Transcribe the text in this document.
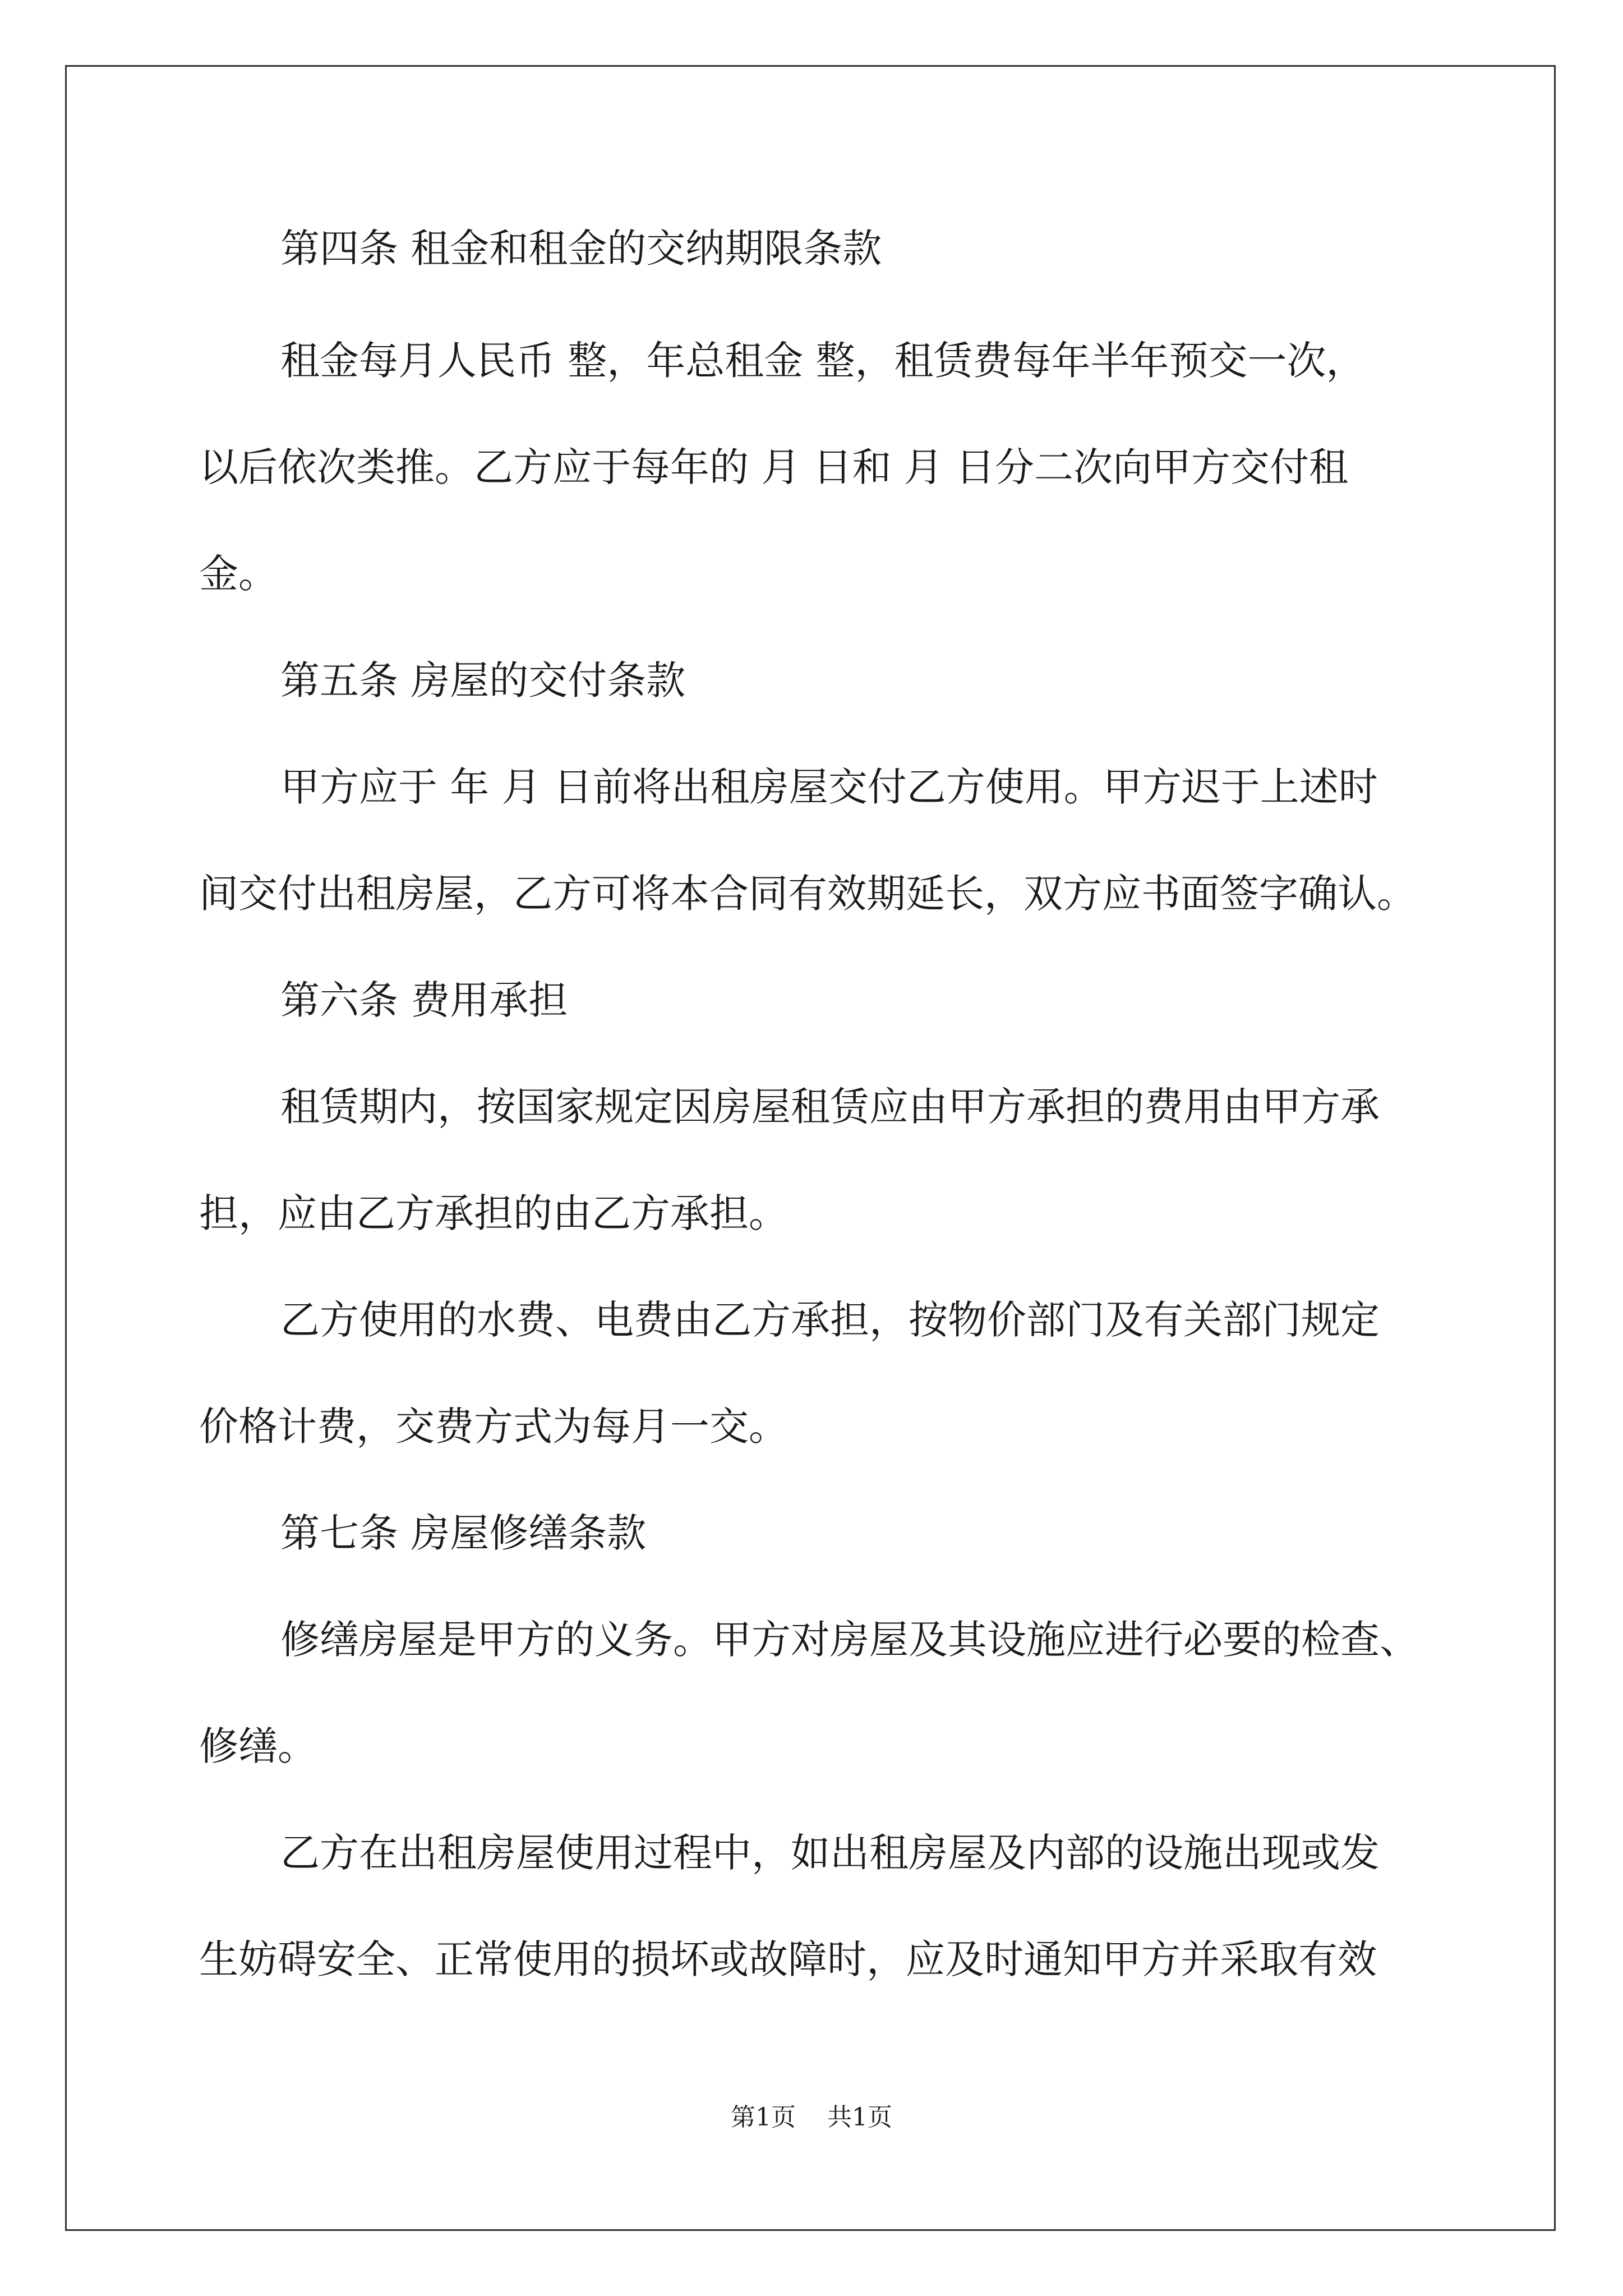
第四条 租金和租金的交纳期限条款
租金每月人民币 整，年总租金 整，租赁费每年半年预交一次，
以后依次类推。乙方应于每年的 月 日和 月 日分二次向甲方交付租
金。
第五条 房屋的交付条款
甲方应于 年 月 日前将出租房屋交付乙方使用。甲方迟于上述时
间交付出租房屋，乙方可将本合同有效期延长，双方应书面签字确认。
第六条 费用承担
租赁期内，按国家规定因房屋租赁应由甲方承担的费用由甲方承
担，应由乙方承担的由乙方承担。
乙方使用的水费、电费由乙方承担，按物价部门及有关部门规定
价格计费，交费方式为每月一交。
第七条 房屋修缮条款
修缮房屋是甲方的义务。甲方对房屋及其设施应进行必要的检查、
修缮。
乙方在出租房屋使用过程中，如出租房屋及内部的设施出现或发
生妨碍安全、正常使用的损坏或故障时，应及时通知甲方并采取有效
第1页 共1页
